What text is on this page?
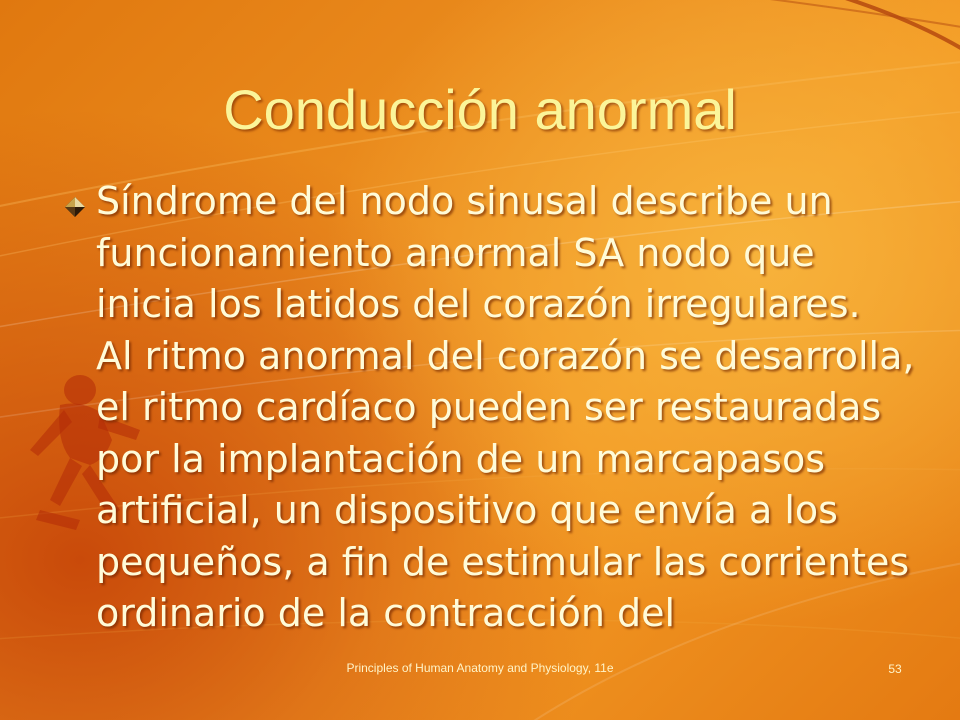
Conducción anormal
Síndrome del nodo sinusal describe un funcionamiento anormal SA nodo que inicia los latidos del corazón irregulares.
Al ritmo anormal del corazón se desarrolla, el ritmo cardíaco pueden ser restauradas por la implantación de un marcapasos artificial, un dispositivo que envía a los pequeños, a fin de estimular las corrientes ordinario de la contracción del
Principles of Human Anatomy and Physiology, 11e	53
